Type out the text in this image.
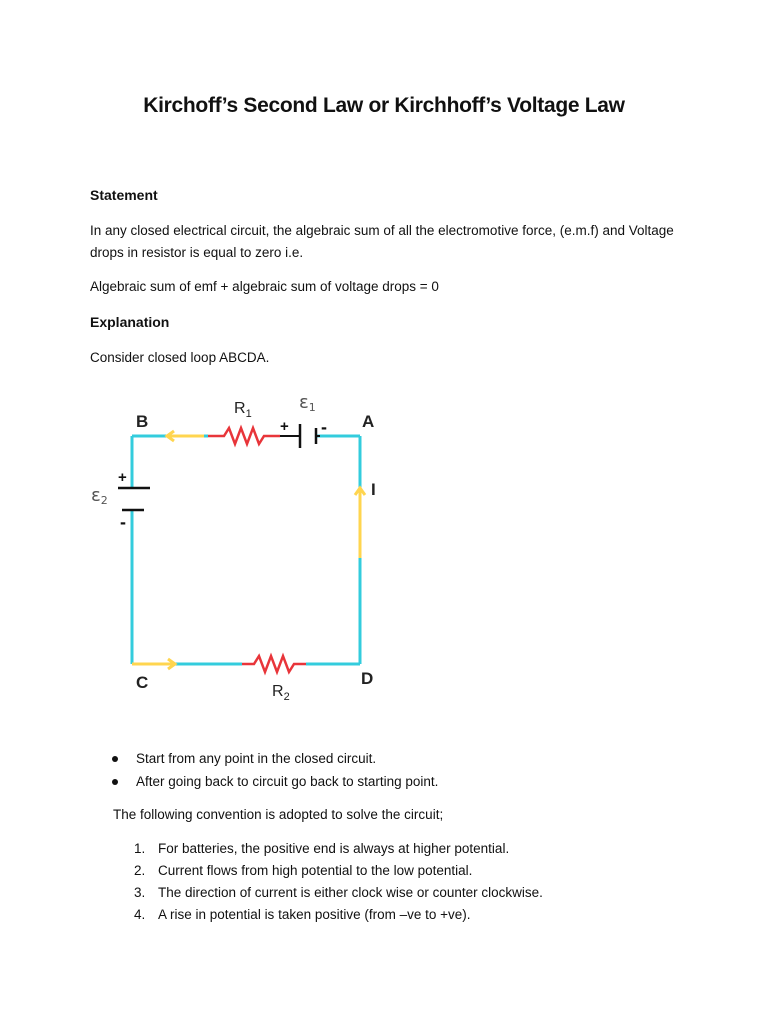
Kirchoff’s Second Law or Kirchhoff’s Voltage Law
Statement
In any closed electrical circuit, the algebraic sum of all the electromotive force, (e.m.f) and Voltage drops in resistor is equal to zero i.e.
Algebraic sum of emf + algebraic sum of voltage drops = 0
Explanation
Consider closed loop ABCDA.
B	A
C	D
I
$R_1$
$R_2$
ε1
ε2
+ -
+
-
Start from any point in the closed circuit.
After going back to circuit go back to starting point.
The following convention is adopted to solve the circuit;
1. For batteries, the positive end is always at higher potential.
2. Current flows from high potential to the low potential.
3. The direction of current is either clock wise or counter clockwise.
4. A rise in potential is taken positive (from –ve to +ve).
